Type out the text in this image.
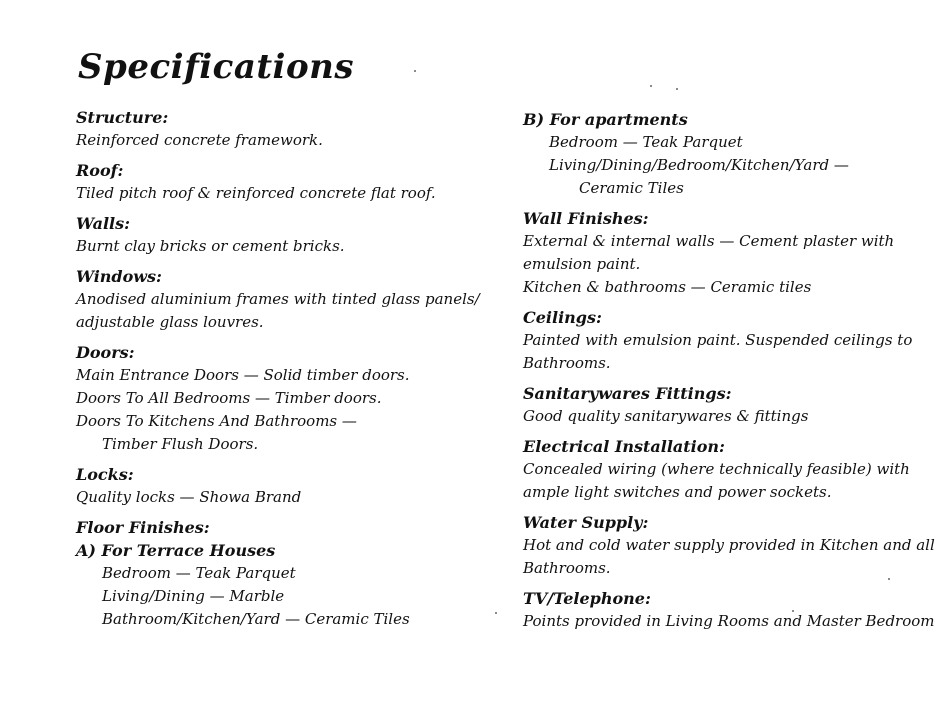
Specifications
Structure:
Reinforced concrete framework.
Roof:
Tiled pitch roof & reinforced concrete flat roof.
Walls:
Burnt clay bricks or cement bricks.
Windows:
Anodised aluminium frames with tinted glass panels/
adjustable glass louvres.
Doors:
Main Entrance Doors — Solid timber doors.
Doors To All Bedrooms — Timber doors.
Doors To Kitchens And Bathrooms —
Timber Flush Doors.
Locks:
Quality locks — Showa Brand
Floor Finishes:
A) For Terrace Houses
Bedroom — Teak Parquet
Living/Dining — Marble
Bathroom/Kitchen/Yard — Ceramic Tiles
B) For apartments
Bedroom — Teak Parquet
Living/Dining/Bedroom/Kitchen/Yard —
Ceramic Tiles
Wall Finishes:
External & internal walls — Cement plaster with
emulsion paint.
Kitchen & bathrooms — Ceramic tiles
Ceilings:
Painted with emulsion paint. Suspended ceilings to
Bathrooms.
Sanitarywares Fittings:
Good quality sanitarywares & fittings
Electrical Installation:
Concealed wiring (where technically feasible) with
ample light switches and power sockets.
Water Supply:
Hot and cold water supply provided in Kitchen and all
Bathrooms.
TV/Telephone:
Points provided in Living Rooms and Master Bedroom
